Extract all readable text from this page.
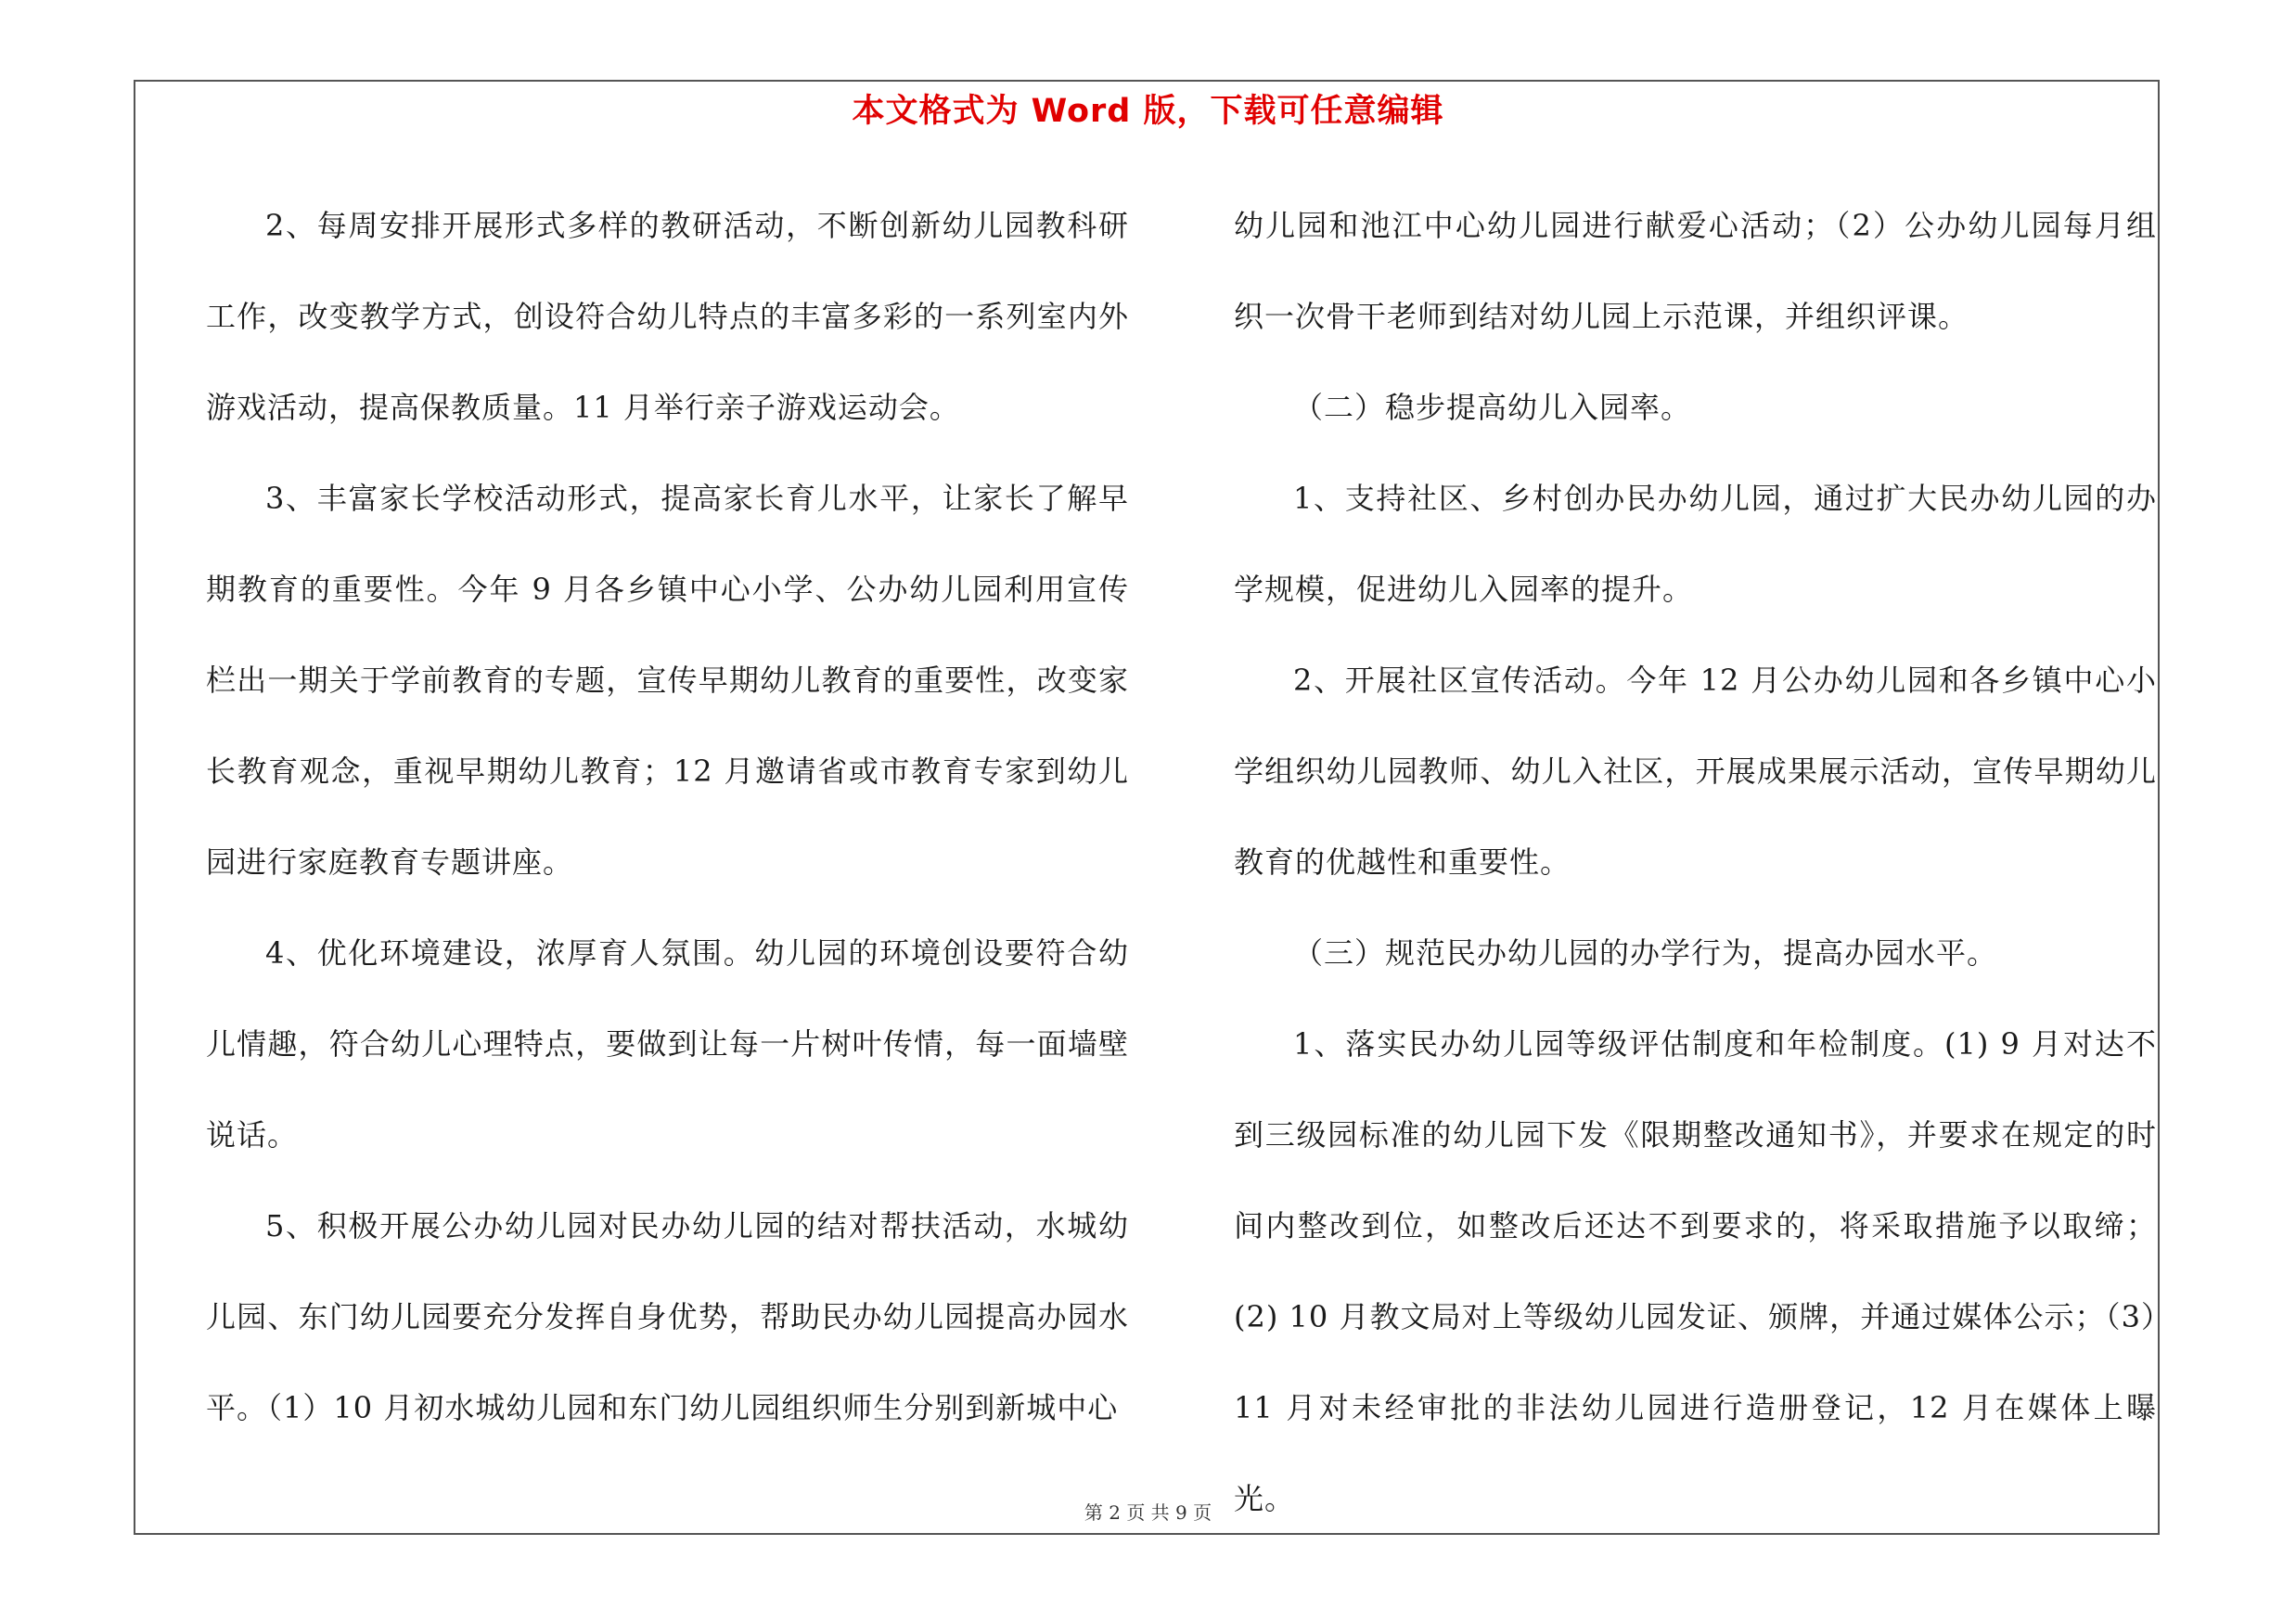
本文格式为 Word 版，下载可任意编辑

2、每周安排开展形式多样的教研活动，不断创新幼儿园教科研工作，改变教学方式，创设符合幼儿特点的丰富多彩的一系列室内外游戏活动，提高保教质量。11 月举行亲子游戏运动会。

3、丰富家长学校活动形式，提高家长育儿水平，让家长了解早期教育的重要性。今年 9 月各乡镇中心小学、公办幼儿园利用宣传栏出一期关于学前教育的专题，宣传早期幼儿教育的重要性，改变家长教育观念，重视早期幼儿教育；12 月邀请省或市教育专家到幼儿园进行家庭教育专题讲座。

4、优化环境建设，浓厚育人氛围。幼儿园的环境创设要符合幼儿情趣，符合幼儿心理特点，要做到让每一片树叶传情，每一面墙壁说话。

5、积极开展公办幼儿园对民办幼儿园的结对帮扶活动，水城幼儿园、东门幼儿园要充分发挥自身优势，帮助民办幼儿园提高办园水平。（1）10 月初水城幼儿园和东门幼儿园组织师生分别到新城中心

幼儿园和池江中心幼儿园进行献爱心活动；（2）公办幼儿园每月组织一次骨干老师到结对幼儿园上示范课，并组织评课。

（二）稳步提高幼儿入园率。

1、支持社区、乡村创办民办幼儿园，通过扩大民办幼儿园的办学规模，促进幼儿入园率的提升。

2、开展社区宣传活动。今年 12 月公办幼儿园和各乡镇中心小学组织幼儿园教师、幼儿入社区，开展成果展示活动，宣传早期幼儿教育的优越性和重要性。

（三）规范民办幼儿园的办学行为，提高办园水平。

1、落实民办幼儿园等级评估制度和年检制度。(1) 9 月对达不到三级园标准的幼儿园下发《限期整改通知书》，并要求在规定的时间内整改到位，如整改后还达不到要求的，将采取措施予以取缔；(2) 10 月教文局对上等级幼儿园发证、颁牌，并通过媒体公示；（3）11 月对未经审批的非法幼儿园进行造册登记，12 月在媒体上曝光。

第 2 页 共 9 页
